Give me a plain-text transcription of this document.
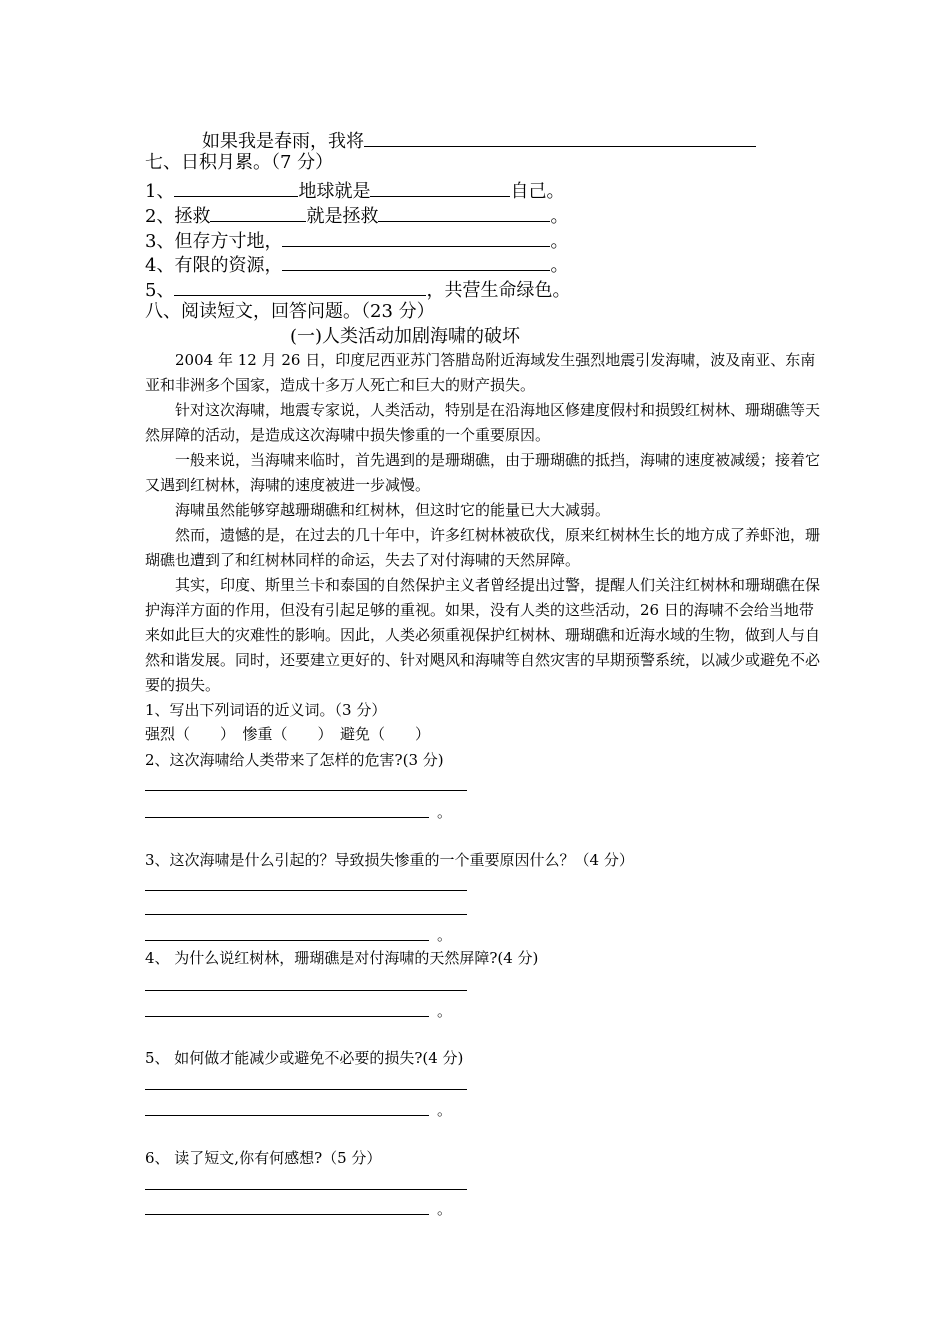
如果我是春雨，我将
七、日积月累。（7 分）
1、	地球就是	自己。
2、拯救	就是拯救	。
3、但存方寸地，	。
4、有限的资源，	。
5、	，共营生命绿色。
八、阅读短文，回答问题。（23 分）
(一)人类活动加剧海啸的破坏

2004 年 12 月 26 日，印度尼西亚苏门答腊岛附近海域发生强烈地震引发海啸，波及南亚、东南亚和非洲多个国家，造成十多万人死亡和巨大的财产损失。

针对这次海啸，地震专家说，人类活动，特别是在沿海地区修建度假村和损毁红树林、珊瑚礁等天然屏障的活动，是造成这次海啸中损失惨重的一个重要原因。

一般来说，当海啸来临时，首先遇到的是珊瑚礁，由于珊瑚礁的抵挡，海啸的速度被减缓；接着它又遇到红树林，海啸的速度被进一步减慢。

海啸虽然能够穿越珊瑚礁和红树林，但这时它的能量已大大减弱。

然而，遗憾的是，在过去的几十年中，许多红树林被砍伐，原来红树林生长的地方成了养虾池，珊瑚礁也遭到了和红树林同样的命运，失去了对付海啸的天然屏障。

其实，印度、斯里兰卡和泰国的自然保护主义者曾经提出过警，提醒人们关注红树林和珊瑚礁在保护海洋方面的作用，但没有引起足够的重视。如果，没有人类的这些活动，26 日的海啸不会给当地带来如此巨大的灾难性的影响。因此，人类必须重视保护红树林、珊瑚礁和近海水域的生物，做到人与自然和谐发展。同时，还要建立更好的、针对飓风和海啸等自然灾害的早期预警系统，以减少或避免不必要的损失。

1、写出下列词语的近义词。（3 分）
强烈（　　）　惨重（　　）　避免（　　）
2、这次海啸给人类带来了怎样的危害?(3 分)
。
3、这次海啸是什么引起的？导致损失惨重的一个重要原因什么？（4 分）
。
4、 为什么说红树林，珊瑚礁是对付海啸的天然屏障?(4 分)
。
5、 如何做才能减少或避免不必要的损失?(4 分)
。
6、 读了短文,你有何感想?（5 分）
。
